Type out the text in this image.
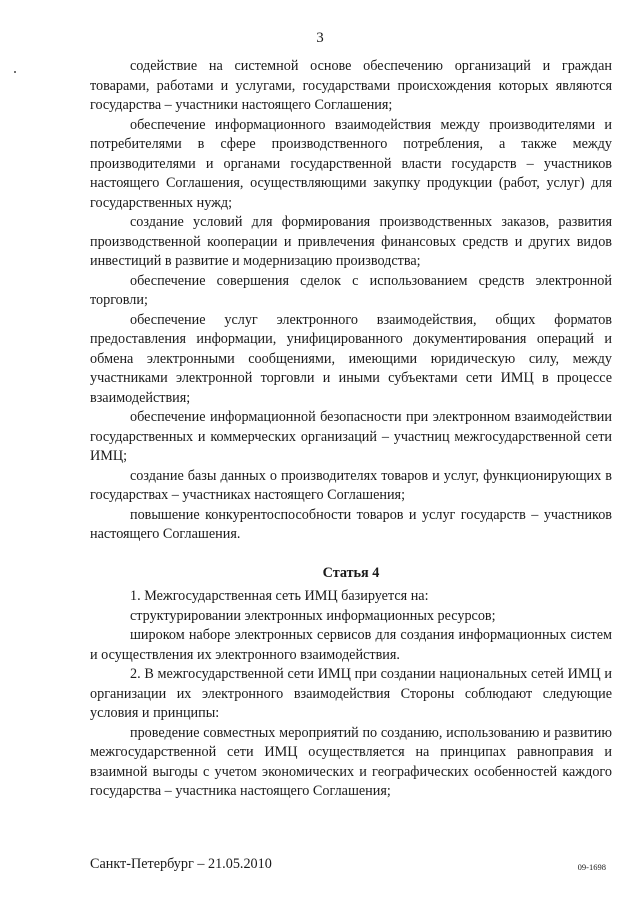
3

содействие на системной основе обеспечению организаций и граждан товарами, работами и услугами, государствами происхождения которых являются государства – участники настоящего Соглашения;

обеспечение информационного взаимодействия между производителями и потребителями в сфере производственного потребления, а также между производителями и органами государственной власти государств – участников настоящего Соглашения, осуществляющими закупку продукции (работ, услуг) для государственных нужд;

создание условий для формирования производственных заказов, развития производственной кооперации и привлечения финансовых средств и других видов инвестиций в развитие и модернизацию производства;

обеспечение совершения сделок с использованием средств электронной торговли;

обеспечение услуг электронного взаимодействия, общих форматов предоставления информации, унифицированного документирования операций и обмена электронными сообщениями, имеющими юридическую силу, между участниками электронной торговли и иными субъектами сети ИМЦ в процессе взаимодействия;

обеспечение информационной безопасности при электронном взаимодействии государственных и коммерческих организаций – участниц межгосударственной сети ИМЦ;

создание базы данных о производителях товаров и услуг, функционирующих в государствах – участниках настоящего Соглашения;

повышение конкурентоспособности товаров и услуг государств – участников настоящего Соглашения.

Статья 4

1. Межгосударственная сеть ИМЦ базируется на:

структурировании электронных информационных ресурсов;

широком наборе электронных сервисов для создания информационных систем и осуществления их электронного взаимодействия.

2. В межгосударственной сети ИМЦ при создании национальных сетей ИМЦ и организации их электронного взаимодействия Стороны соблюдают следующие условия и принципы:

проведение совместных мероприятий по созданию, использованию и развитию межгосударственной сети ИМЦ осуществляется на принципах равноправия и взаимной выгоды с учетом экономических и географических особенностей каждого государства – участника настоящего Соглашения;

Санкт-Петербург – 21.05.2010	09-1698
